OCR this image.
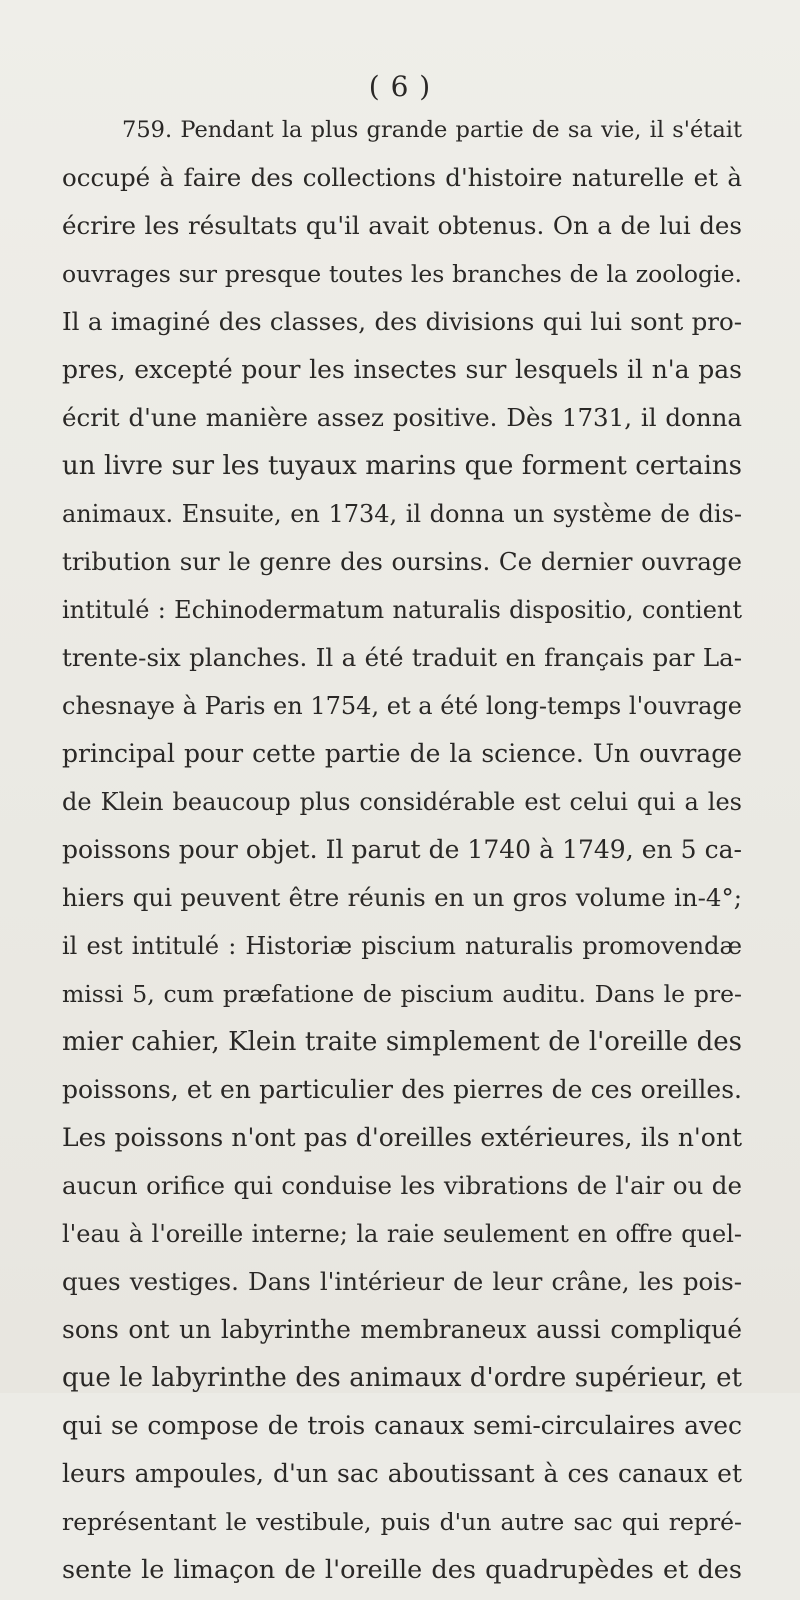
( 6 )
759. Pendant la plus grande partie de sa vie, il s'était
occupé à faire des collections d'histoire naturelle et à
écrire les résultats qu'il avait obtenus. On a de lui des
ouvrages sur presque toutes les branches de la zoologie.
Il a imaginé des classes, des divisions qui lui sont pro-
pres, excepté pour les insectes sur lesquels il n'a pas
écrit d'une manière assez positive. Dès 1731, il donna
un livre sur les tuyaux marins que forment certains
animaux. Ensuite, en 1734, il donna un système de dis-
tribution sur le genre des oursins. Ce dernier ouvrage
intitulé : Echinodermatum naturalis dispositio, contient
trente-six planches. Il a été traduit en français par La-
chesnaye à Paris en 1754, et a été long-temps l'ouvrage
principal pour cette partie de la science. Un ouvrage
de Klein beaucoup plus considérable est celui qui a les
poissons pour objet. Il parut de 1740 à 1749, en 5 ca-
hiers qui peuvent être réunis en un gros volume in-4°;
il est intitulé : Historiæ piscium naturalis promovendæ
missi 5, cum præfatione de piscium auditu. Dans le pre-
mier cahier, Klein traite simplement de l'oreille des
poissons, et en particulier des pierres de ces oreilles.
Les poissons n'ont pas d'oreilles extérieures, ils n'ont
aucun orifice qui conduise les vibrations de l'air ou de
l'eau à l'oreille interne; la raie seulement en offre quel-
ques vestiges. Dans l'intérieur de leur crâne, les pois-
sons ont un labyrinthe membraneux aussi compliqué
que le labyrinthe des animaux d'ordre supérieur, et
qui se compose de trois canaux semi-circulaires avec
leurs ampoules, d'un sac aboutissant à ces canaux et
représentant le vestibule, puis d'un autre sac qui repré-
sente le limaçon de l'oreille des quadrupèdes et des
